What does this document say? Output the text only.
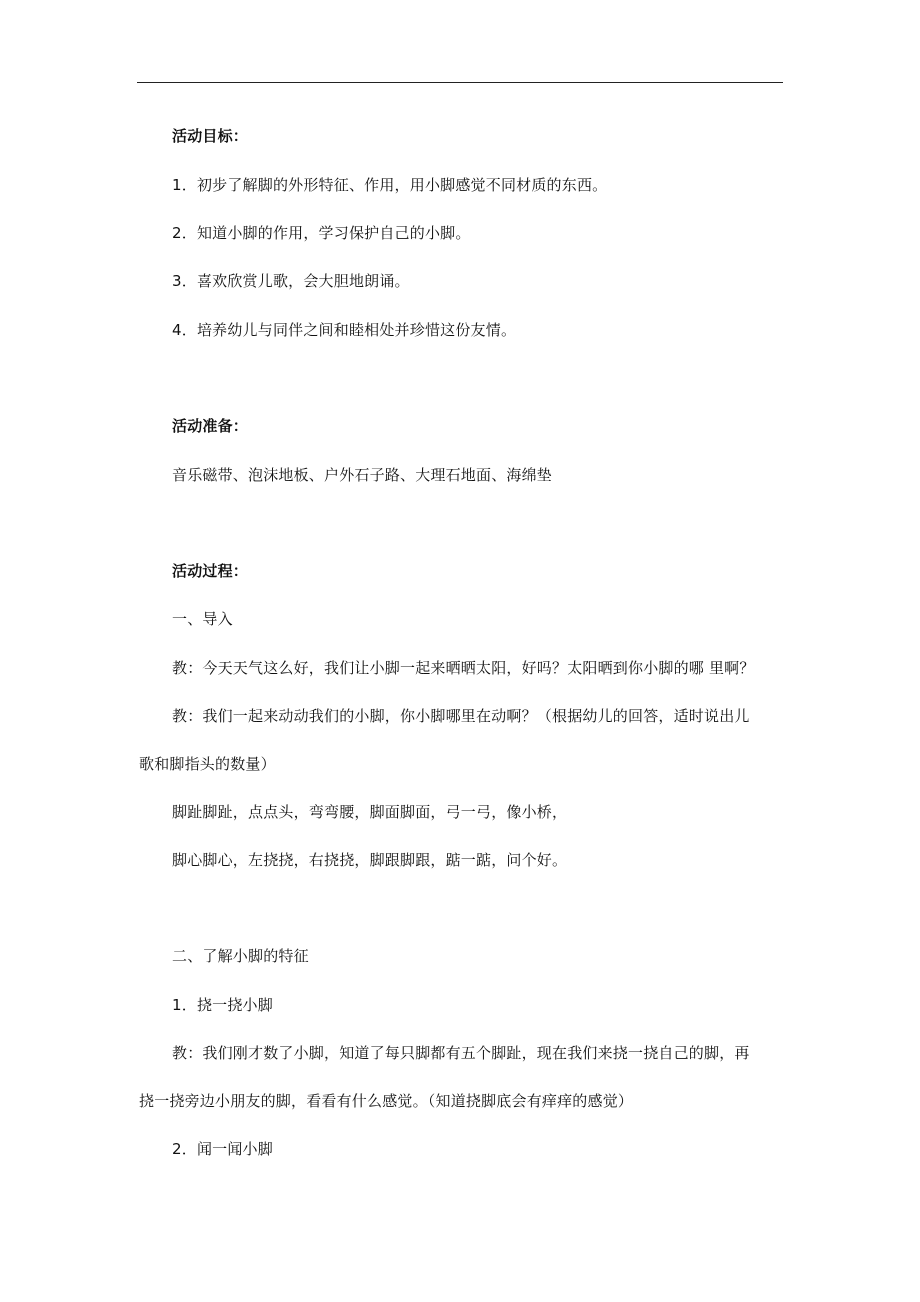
活动目标：
1．初步了解脚的外形特征、作用，用小脚感觉不同材质的东西。
2．知道小脚的作用，学习保护自己的小脚。
3．喜欢欣赏儿歌，会大胆地朗诵。
4．培养幼儿与同伴之间和睦相处并珍惜这份友情。
活动准备：
音乐磁带、泡沫地板、户外石子路、大理石地面、海绵垫
活动过程：
一、导入
教：今天天气这么好，我们让小脚一起来晒晒太阳，好吗？太阳晒到你小脚的哪 里啊？
教：我们一起来动动我们的小脚，你小脚哪里在动啊？（根据幼儿的回答，适时说出儿
歌和脚指头的数量）
脚趾脚趾，点点头，弯弯腰，脚面脚面，弓一弓，像小桥，
脚心脚心，左挠挠，右挠挠，脚跟脚跟，踮一踮，问个好。
二、了解小脚的特征
1．挠一挠小脚
教：我们刚才数了小脚，知道了每只脚都有五个脚趾，现在我们来挠一挠自己的脚，再
挠一挠旁边小朋友的脚，看看有什么感觉。（知道挠脚底会有痒痒的感觉）
2．闻一闻小脚
